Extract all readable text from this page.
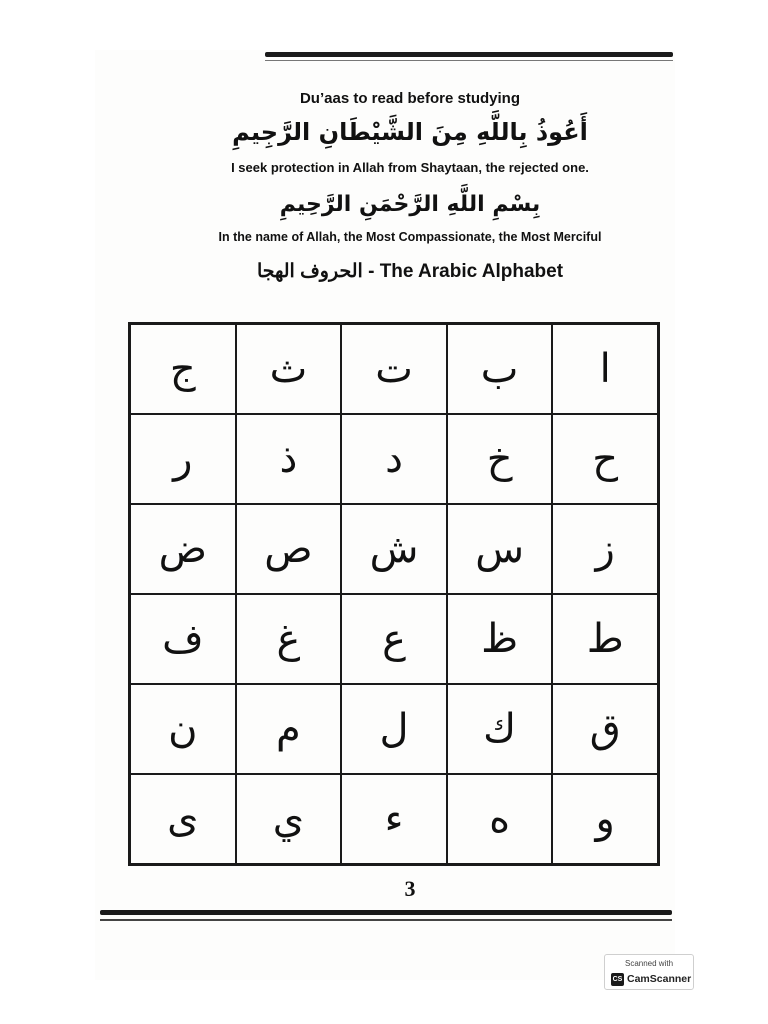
Du’aas to read before studying
أَعُوذُ بِاللَّهِ مِنَ الشَّيْطَانِ الرَّجِيمِ
I seek protection in Allah from Shaytaan, the rejected one.
بِسْمِ اللَّهِ الرَّحْمَنِ الرَّحِيمِ
In the name of Allah, the Most Compassionate, the Most Merciful
الحروف الهجا - The Arabic Alphabet
ا
ب
ت
ث
ج
ح
خ
د
ذ
ر
ز
س
ش
ص
ض
ط
ظ
ع
غ
ف
ق
ك
ل
م
ن
و
ه
ء
ي
ى
3
Scanned with
CS CamScanner
